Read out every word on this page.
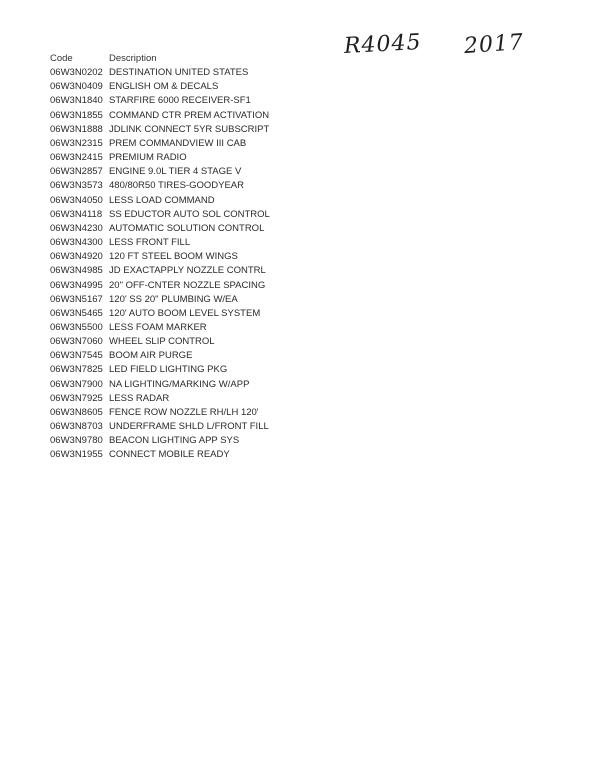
R4045 2017
Code	Description
06W3N0202 DESTINATION UNITED STATES
06W3N0409 ENGLISH OM & DECALS
06W3N1840 STARFIRE 6000 RECEIVER-SF1
06W3N1855 COMMAND CTR PREM ACTIVATION
06W3N1888 JDLINK CONNECT 5YR SUBSCRIPT
06W3N2315 PREM COMMANDVIEW III CAB
06W3N2415 PREMIUM RADIO
06W3N2857 ENGINE 9.0L TIER 4 STAGE V
06W3N3573 480/80R50 TIRES-GOODYEAR
06W3N4050 LESS LOAD COMMAND
06W3N4118 SS EDUCTOR AUTO SOL CONTROL
06W3N4230 AUTOMATIC SOLUTION CONTROL
06W3N4300 LESS FRONT FILL
06W3N4920 120 FT STEEL BOOM WINGS
06W3N4985 JD EXACTAPPLY NOZZLE CONTRL
06W3N4995 20" OFF-CNTER NOZZLE SPACING
06W3N5167 120' SS 20" PLUMBING W/EA
06W3N5465 120' AUTO BOOM LEVEL SYSTEM
06W3N5500 LESS FOAM MARKER
06W3N7060 WHEEL SLIP CONTROL
06W3N7545 BOOM AIR PURGE
06W3N7825 LED FIELD LIGHTING PKG
06W3N7900 NA LIGHTING/MARKING W/APP
06W3N7925 LESS RADAR
06W3N8605 FENCE ROW NOZZLE RH/LH 120'
06W3N8703 UNDERFRAME SHLD L/FRONT FILL
06W3N9780 BEACON LIGHTING APP SYS
06W3N1955 CONNECT MOBILE READY
